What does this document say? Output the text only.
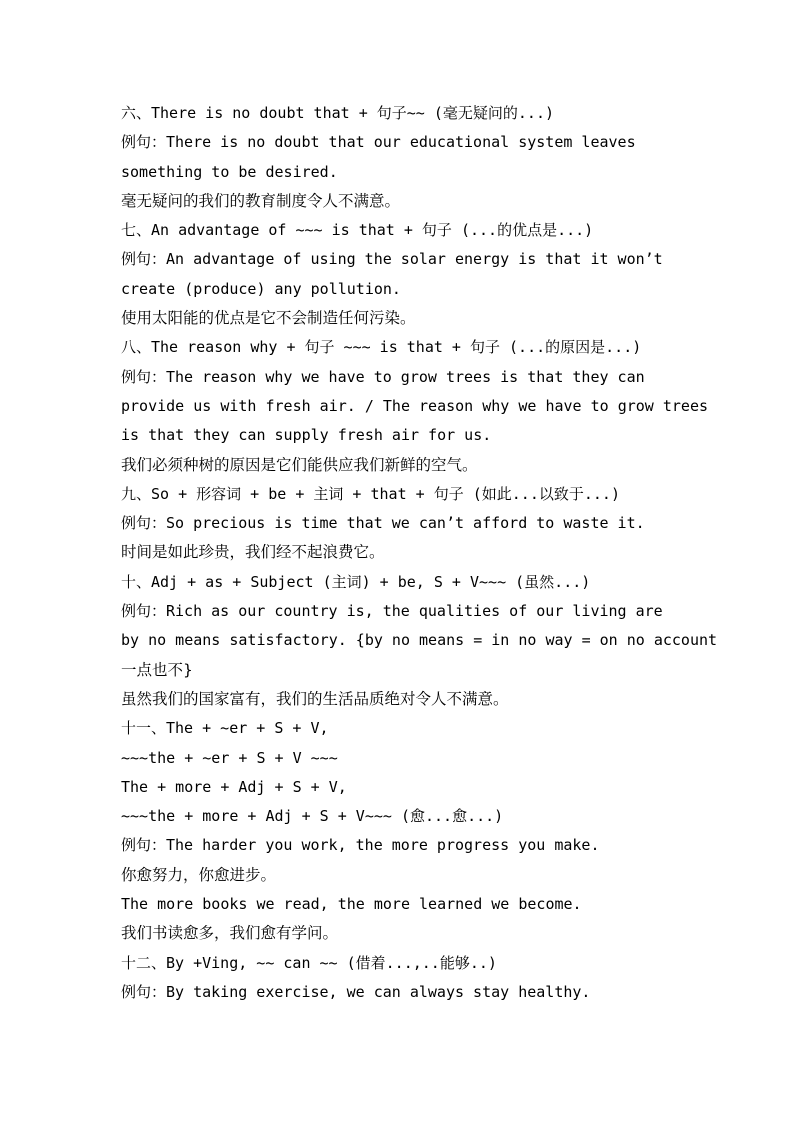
六、There is no doubt that + 句子~~ (毫无疑问的...)
例句：There is no doubt that our educational system leaves
something to be desired.
毫无疑问的我们的教育制度令人不满意。
七、An advantage of ~~~ is that + 句子 (...的优点是...)
例句：An advantage of using the solar energy is that it won’t
create (produce) any pollution.
使用太阳能的优点是它不会制造任何污染。
八、The reason why + 句子 ~~~ is that + 句子 (...的原因是...)
例句：The reason why we have to grow trees is that they can
provide us with fresh air. / The reason why we have to grow trees
is that they can supply fresh air for us.
我们必须种树的原因是它们能供应我们新鲜的空气。
九、So + 形容词 + be + 主词 + that + 句子 (如此...以致于...)
例句：So precious is time that we can’t afford to waste it.
时间是如此珍贵，我们经不起浪费它。
十、Adj + as + Subject (主词) + be, S + V~~~ (虽然...)
例句：Rich as our country is, the qualities of our living are
by no means satisfactory. {by no means = in no way = on no account
一点也不}
虽然我们的国家富有，我们的生活品质绝对令人不满意。
十一、The + ~er + S + V,
~~~the + ~er + S + V ~~~
The + more + Adj + S + V,
~~~the + more + Adj + S + V~~~ (愈...愈...)
例句：The harder you work, the more progress you make.
你愈努力，你愈进步。
The more books we read, the more learned we become.
我们书读愈多，我们愈有学问。
十二、By +Ving, ~~ can ~~ (借着...,..能够..)
例句：By taking exercise, we can always stay healthy.
